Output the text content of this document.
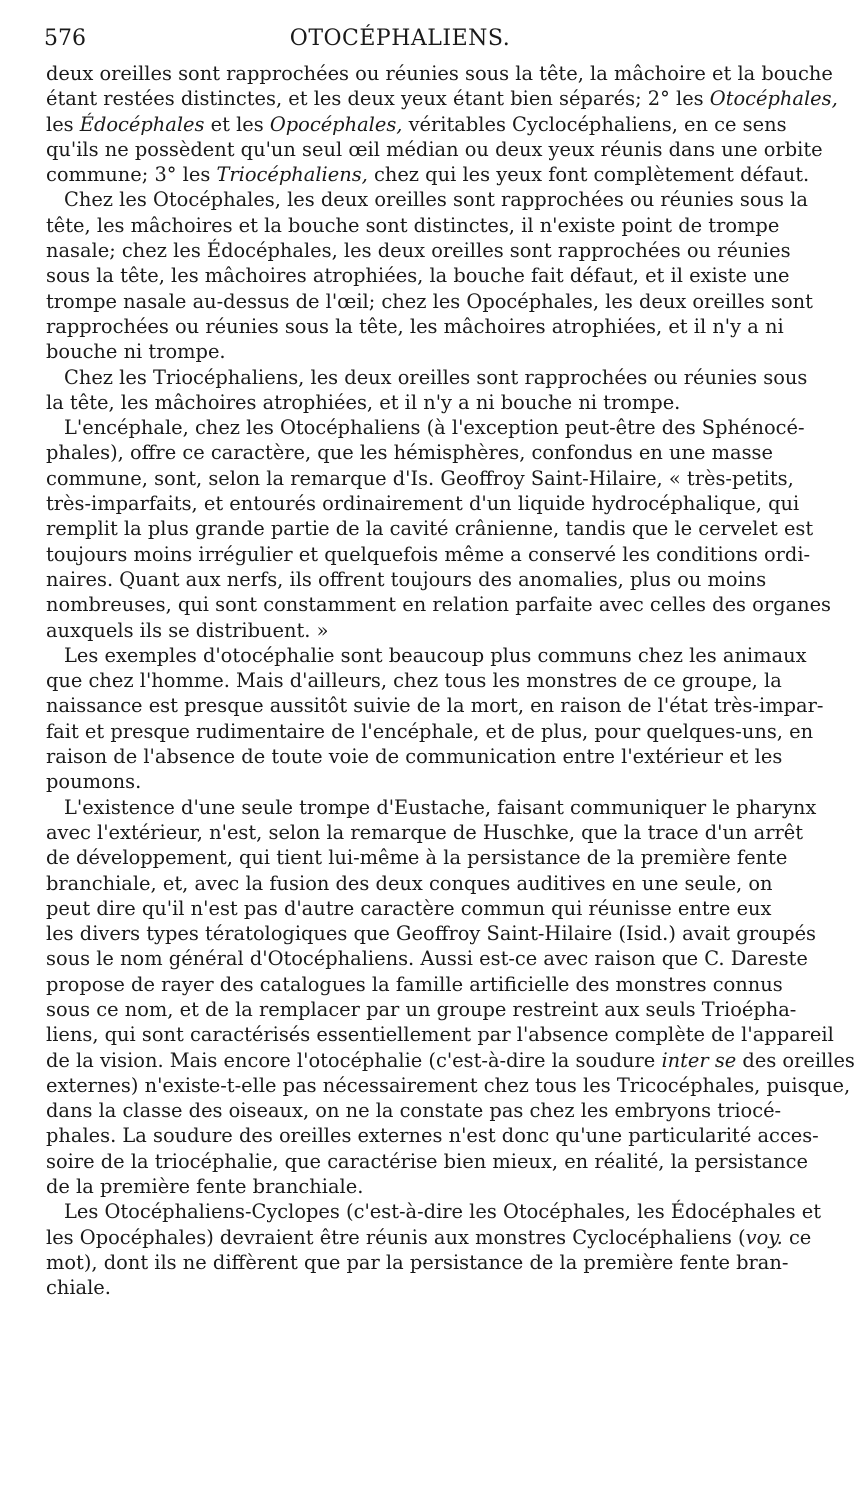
576	OTOCÉPHALIENS.
deux oreilles sont rapprochées ou réunies sous la tête, la mâchoire et la bouche
étant restées distinctes, et les deux yeux étant bien séparés; 2° les Otocéphales,
les Édocéphales et les Opocéphales, véritables Cyclocéphaliens, en ce sens
qu'ils ne possèdent qu'un seul œil médian ou deux yeux réunis dans une orbite
commune; 3° les Triocéphaliens, chez qui les yeux font complètement défaut.
Chez les Otocéphales, les deux oreilles sont rapprochées ou réunies sous la
tête, les mâchoires et la bouche sont distinctes, il n'existe point de trompe
nasale; chez les Édocéphales, les deux oreilles sont rapprochées ou réunies
sous la tête, les mâchoires atrophiées, la bouche fait défaut, et il existe une
trompe nasale au-dessus de l'œil; chez les Opocéphales, les deux oreilles sont
rapprochées ou réunies sous la tête, les mâchoires atrophiées, et il n'y a ni
bouche ni trompe.
Chez les Triocéphaliens, les deux oreilles sont rapprochées ou réunies sous
la tête, les mâchoires atrophiées, et il n'y a ni bouche ni trompe.
L'encéphale, chez les Otocéphaliens (à l'exception peut-être des Sphénocé-
phales), offre ce caractère, que les hémisphères, confondus en une masse
commune, sont, selon la remarque d'Is. Geoffroy Saint-Hilaire, « très-petits,
très-imparfaits, et entourés ordinairement d'un liquide hydrocéphalique, qui
remplit la plus grande partie de la cavité crânienne, tandis que le cervelet est
toujours moins irrégulier et quelquefois même a conservé les conditions ordi-
naires. Quant aux nerfs, ils offrent toujours des anomalies, plus ou moins
nombreuses, qui sont constamment en relation parfaite avec celles des organes
auxquels ils se distribuent. »
Les exemples d'otocéphalie sont beaucoup plus communs chez les animaux
que chez l'homme. Mais d'ailleurs, chez tous les monstres de ce groupe, la
naissance est presque aussitôt suivie de la mort, en raison de l'état très-impar-
fait et presque rudimentaire de l'encéphale, et de plus, pour quelques-uns, en
raison de l'absence de toute voie de communication entre l'extérieur et les
poumons.
L'existence d'une seule trompe d'Eustache, faisant communiquer le pharynx
avec l'extérieur, n'est, selon la remarque de Huschke, que la trace d'un arrêt
de développement, qui tient lui-même à la persistance de la première fente
branchiale, et, avec la fusion des deux conques auditives en une seule, on
peut dire qu'il n'est pas d'autre caractère commun qui réunisse entre eux
les divers types tératologiques que Geoffroy Saint-Hilaire (Isid.) avait groupés
sous le nom général d'Otocéphaliens. Aussi est-ce avec raison que C. Dareste
propose de rayer des catalogues la famille artificielle des monstres connus
sous ce nom, et de la remplacer par un groupe restreint aux seuls Trioépha-
liens, qui sont caractérisés essentiellement par l'absence complète de l'appareil
de la vision. Mais encore l'otocéphalie (c'est-à-dire la soudure inter se des oreilles
externes) n'existe-t-elle pas nécessairement chez tous les Tricocéphales, puisque,
dans la classe des oiseaux, on ne la constate pas chez les embryons triocé-
phales. La soudure des oreilles externes n'est donc qu'une particularité acces-
soire de la triocéphalie, que caractérise bien mieux, en réalité, la persistance
de la première fente branchiale.
Les Otocéphaliens-Cyclopes (c'est-à-dire les Otocéphales, les Édocéphales et
les Opocéphales) devraient être réunis aux monstres Cyclocéphaliens (voy. ce
mot), dont ils ne diffèrent que par la persistance de la première fente bran-
chiale.
